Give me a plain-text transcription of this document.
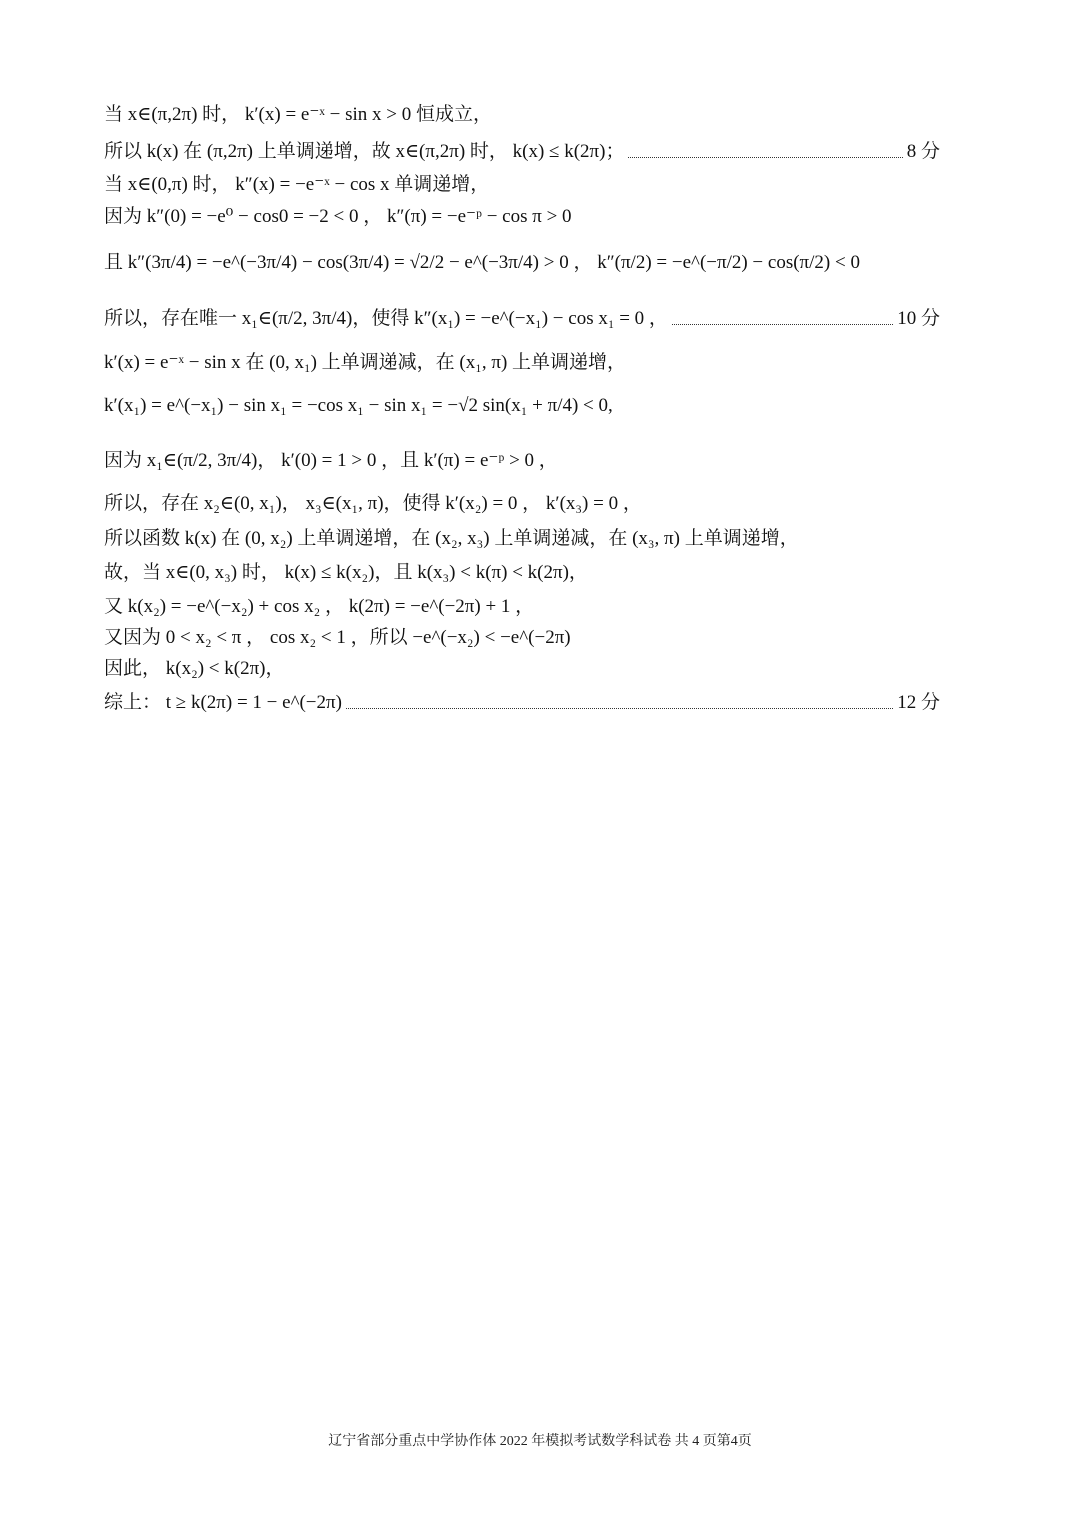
当 x∈(π,2π) 时， k′(x) = e⁻ˣ − sin x > 0 恒成立，
所以 k(x) 在 (π,2π) 上单调递增，故 x∈(π,2π) 时， k(x) ≤ k(2π)；	8 分
当 x∈(0,π) 时， k″(x) = −e⁻ˣ − cos x 单调递增，
因为 k″(0) = −e⁰ − cos0 = −2 < 0 ， k″(π) = −e⁻ᵖ − cos π > 0
且 k″(3π/4) = −e^(−3π/4) − cos(3π/4) = √2/2 − e^(−3π/4) > 0 ， k″(π/2) = −e^(−π/2) − cos(π/2) < 0
所以，存在唯一 x₁∈(π/2, 3π/4)，使得 k″(x₁) = −e^(−x₁) − cos x₁ = 0 ，	10 分
k′(x) = e⁻ˣ − sin x 在 (0, x₁) 上单调递减，在 (x₁, π) 上单调递增，
k′(x₁) = e^(−x₁) − sin x₁ = −cos x₁ − sin x₁ = −√2 sin(x₁ + π/4) < 0,
因为 x₁∈(π/2, 3π/4)， k′(0) = 1 > 0 ，且 k′(π) = e⁻ᵖ > 0 ，
所以，存在 x₂∈(0, x₁)， x₃∈(x₁, π)，使得 k′(x₂) = 0 ， k′(x₃) = 0 ，
所以函数 k(x) 在 (0, x₂) 上单调递增，在 (x₂, x₃) 上单调递减，在 (x₃, π) 上单调递增，
故，当 x∈(0, x₃) 时， k(x) ≤ k(x₂)，且 k(x₃) < k(π) < k(2π)，
又 k(x₂) = −e^(−x₂) + cos x₂ ， k(2π) = −e^(−2π) + 1 ，
又因为 0 < x₂ < π ， cos x₂ < 1 ，所以 −e^(−x₂) < −e^(−2π)
因此， k(x₂) < k(2π)，
综上： t ≥ k(2π) = 1 − e^(−2π)	12 分
辽宁省部分重点中学协作体 2022 年模拟考试数学科试卷 共 4 页第4页
